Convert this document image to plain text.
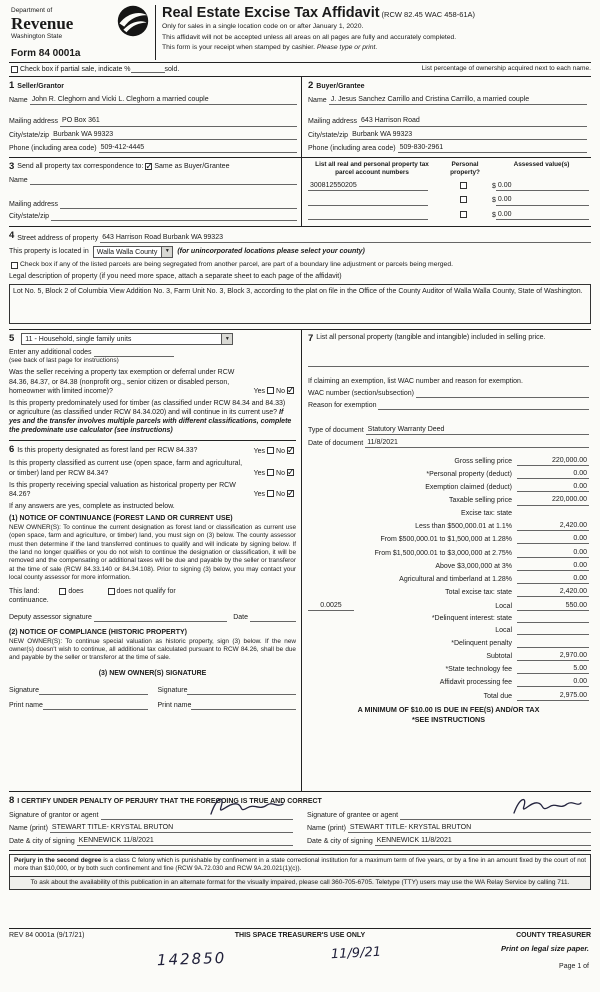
Department of
Revenue
Washington State
Form 84 0001a
Real Estate Excise Tax Affidavit (RCW 82.45 WAC 458-61A)
Only for sales in a single location code on or after January 1, 2020.
This affidavit will not be accepted unless all areas on all pages are fully and accurately completed.
This form is your receipt when stamped by cashier. Please type or print.
Check box if partial sale, indicate %	sold.	List percentage of ownership acquired next to each name.
1 Seller/Grantor
Name John R. Cleghorn and Vicki L. Cleghorn a married couple
Mailing address PO Box 361
City/state/zip Burbank WA 99323
Phone (including area code) 509-412-4445
2 Buyer/Grantee
Name J. Jesus Sanchez Carrillo and Cristina Carrillo, a married couple
Mailing address 643 Harrison Road
City/state/zip Burbank WA 99323
Phone (including area code) 509-830-2961
3 Send all property tax correspondence to: ✓ Same as Buyer/Grantee
Name
Mailing address
City/state/zip
List all real and personal property tax parcel account numbers
Personal property?
Assessed value(s)
300812550205	$ 0.00
$ 0.00
$ 0.00
4 Street address of property 643 Harrison Road Burbank WA 99323
This property is located in	Walla Walla County ▼	(for unincorporated locations please select your county)
Check box if any of the listed parcels are being segregated from another parcel, are part of a boundary line adjustment or parcels being merged.
Legal description of property (if you need more space, attach a separate sheet to each page of the affidavit)
Lot No. 5, Block 2 of Columbia View Addition No. 3, Farm Unit No. 3, Block 3, according to the plat on file in the Office of the County Auditor of Walla Walla County, State of Washington.
5	11 - Household, single family units
▼
Enter any additional codes
(see back of last page for instructions)
Was the seller receiving a property tax exemption or deferral under RCW 84.36, 84.37, or 84.38 (nonprofit org., senior citizen or disabled person, homeowner with limited income)?	Yes No✓
Is this property predominately used for timber (as classified under RCW 84.34 and 84.33) or agriculture (as classified under RCW 84.34.020) and will continue in its current use? If yes and the transfer involves multiple parcels with different classifications, complete the predominate use calculator (see instructions)
6 Is this property designated as forest land per RCW 84.33?	Yes No✓
Is this property classified as current use (open space, farm and agricultural, or timber) land per RCW 84.34?	Yes No✓
Is this property receiving special valuation as historical property per RCW 84.26?	Yes No✓
If any answers are yes, complete as instructed below.
(1) NOTICE OF CONTINUANCE (FOREST LAND OR CURRENT USE)
NEW OWNER(S): To continue the current designation as forest land or classification as current use (open space, farm and agriculture, or timber) land, you must sign on (3) below. The county assessor must then determine if the land transferred continues to qualify and will indicate by signing below. If the land no longer qualifies or you do not wish to continue the designation or classification, it will be removed and the compensating or additional taxes will be due and payable by the seller or transferor at the time of sale (RCW 84.33.140 or 84.34.108). Prior to signing (3) below, you may contact your local county assessor for more information.
This land:	does	does not qualify for
continuance.
Deputy assessor signature	Date
(2) NOTICE OF COMPLIANCE (HISTORIC PROPERTY)
NEW OWNER(S): To continue special valuation as historic property, sign (3) below. If the new owner(s) doesn't wish to continue, all additional tax calculated pursuant to RCW 84.26, shall be due and payable by the seller or transferor at the time of sale.
(3) NEW OWNER(S) SIGNATURE
Signature	Signature
Print name	Print name
7 List all personal property (tangible and intangible) included in selling price.
If claiming an exemption, list WAC number and reason for exemption.
WAC number (section/subsection)
Reason for exemption
Type of document Statutory Warranty Deed
Date of document 11/8/2021
Gross selling price	220,000.00
*Personal property (deduct)	0.00
Exemption claimed (deduct)	0.00
Taxable selling price	220,000.00
Excise tax: state
Less than $500,000.01 at 1.1%	2,420.00
From $500,000.01 to $1,500,000 at 1.28%	0.00
From $1,500,000.01 to $3,000,000 at 2.75%	0.00
Above $3,000,000 at 3%	0.00
Agricultural and timberland at 1.28%	0.00
Total excise tax: state	2,420.00
0.0025	Local	550.00
*Delinquent interest: state
Local
*Delinquent penalty
Subtotal	2,970.00
*State technology fee	5.00
Affidavit processing fee	0.00
Total due	2,975.00
A MINIMUM OF $10.00 IS DUE IN FEE(S) AND/OR TAX
*SEE INSTRUCTIONS
8 I CERTIFY UNDER PENALTY OF PERJURY THAT THE FOREGOING IS TRUE AND CORRECT
Signature of grantor or agent
Name (print) STEWART TITLE- KRYSTAL BRUTON
Date & city of signing KENNEWICK 11/8/2021
Signature of grantee or agent
Name (print) STEWART TITLE- KRYSTAL BRUTON
Date & city of signing KENNEWICK 11/8/2021
Perjury in the second degree is a class C felony which is punishable by confinement in a state correctional institution for a maximum term of five years, or by a fine in an amount fixed by the court of not more than $10,000, or by both such confinement and fine (RCW 9A.72.030 and RCW 9A.20.021(1)(c)).
To ask about the availability of this publication in an alternate format for the visually impaired, please call 360-705-6705. Teletype (TTY) users may use the WA Relay Service by calling 711.
REV 84 0001a (9/17/21)	THIS SPACE TREASURER'S USE ONLY	COUNTY TREASURER
142850	11/9/21	Print on legal size paper.
Page 1 of
